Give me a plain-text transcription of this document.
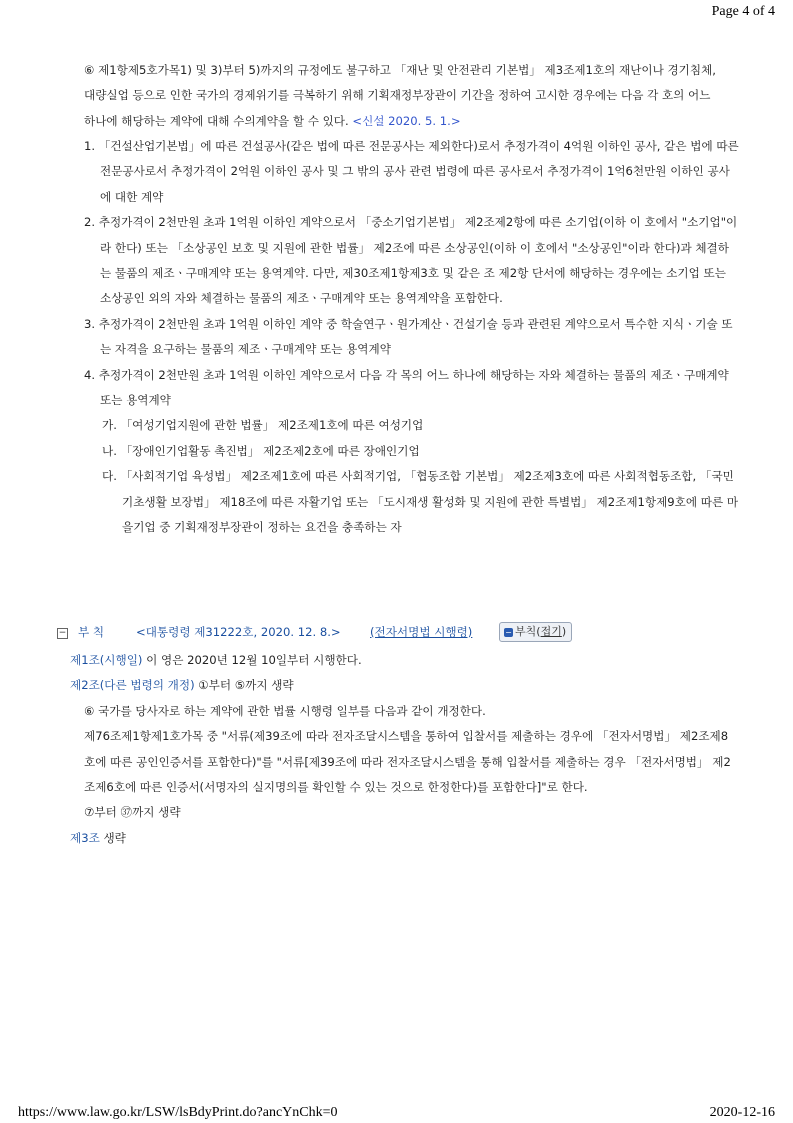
Page 4 of 4
⑥ 제1항제5호가목1) 및 3)부터 5)까지의 규정에도 불구하고 「재난 및 안전관리 기본법」 제3조제1호의 재난이나 경기침체, 대량실업 등으로 인한 국가의 경제위기를 극복하기 위해 기획재정부장관이 기간을 정하여 고시한 경우에는 다음 각 호의 어느 하나에 해당하는 계약에 대해 수의계약을 할 수 있다. <신설 2020. 5. 1.>
1. 「건설산업기본법」에 따른 건설공사(같은 법에 따른 전문공사는 제외한다)로서 추정가격이 4억원 이하인 공사, 같은 법에 따른 전문공사로서 추정가격이 2억원 이하인 공사 및 그 밖의 공사 관련 법령에 따른 공사로서 추정가격이 1억6천만원 이하인 공사에 대한 계약
2. 추정가격이 2천만원 초과 1억원 이하인 계약으로서 「중소기업기본법」 제2조제2항에 따른 소기업(이하 이 호에서 "소기업"이라 한다) 또는 「소상공인 보호 및 지원에 관한 법률」 제2조에 따른 소상공인(이하 이 호에서 "소상공인"이라 한다)과 체결하는 물품의 제조ㆍ구매계약 또는 용역계약. 다만, 제30조제1항제3호 및 같은 조 제2항 단서에 해당하는 경우에는 소기업 또는 소상공인 외의 자와 체결하는 물품의 제조ㆍ구매계약 또는 용역계약을 포함한다.
3. 추정가격이 2천만원 초과 1억원 이하인 계약 중 학술연구ㆍ원가계산ㆍ건설기술 등과 관련된 계약으로서 특수한 지식ㆍ기술 또는 자격을 요구하는 물품의 제조ㆍ구매계약 또는 용역계약
4. 추정가격이 2천만원 초과 1억원 이하인 계약으로서 다음 각 목의 어느 하나에 해당하는 자와 체결하는 물품의 제조ㆍ구매계약 또는 용역계약
가. 「여성기업지원에 관한 법률」 제2조제1호에 따른 여성기업
나. 「장애인기업활동 촉진법」 제2조제2호에 따른 장애인기업
다. 「사회적기업 육성법」 제2조제1호에 따른 사회적기업, 「협동조합 기본법」 제2조제3호에 따른 사회적협동조합, 「국민기초생활 보장법」 제18조에 따른 자활기업 또는 「도시재생 활성화 및 지원에 관한 특별법」 제2조제1항제9호에 따른 마을기업 중 기획재정부장관이 정하는 요건을 충족하는 자
− 부 칙	<대통령령 제31222호, 2020. 12. 8.>	(전자서명법 시행령)	− 부칙(접기)
제1조(시행일) 이 영은 2020년 12월 10일부터 시행한다.
제2조(다른 법령의 개정) ①부터 ⑤까지 생략
⑥ 국가를 당사자로 하는 계약에 관한 법률 시행령 일부를 다음과 같이 개정한다.
제76조제1항제1호가목 중 "서류(제39조에 따라 전자조달시스템을 통하여 입찰서를 제출하는 경우에 「전자서명법」 제2조제8호에 따른 공인인증서를 포함한다)"를 "서류[제39조에 따라 전자조달시스템을 통해 입찰서를 제출하는 경우 「전자서명법」 제2조제6호에 따른 인증서(서명자의 실지명의를 확인할 수 있는 것으로 한정한다)를 포함한다]"로 한다.
⑦부터 ㊲까지 생략
제3조 생략
https://www.law.go.kr/LSW/lsBdyPrint.do?ancYnChk=0	2020-12-16
